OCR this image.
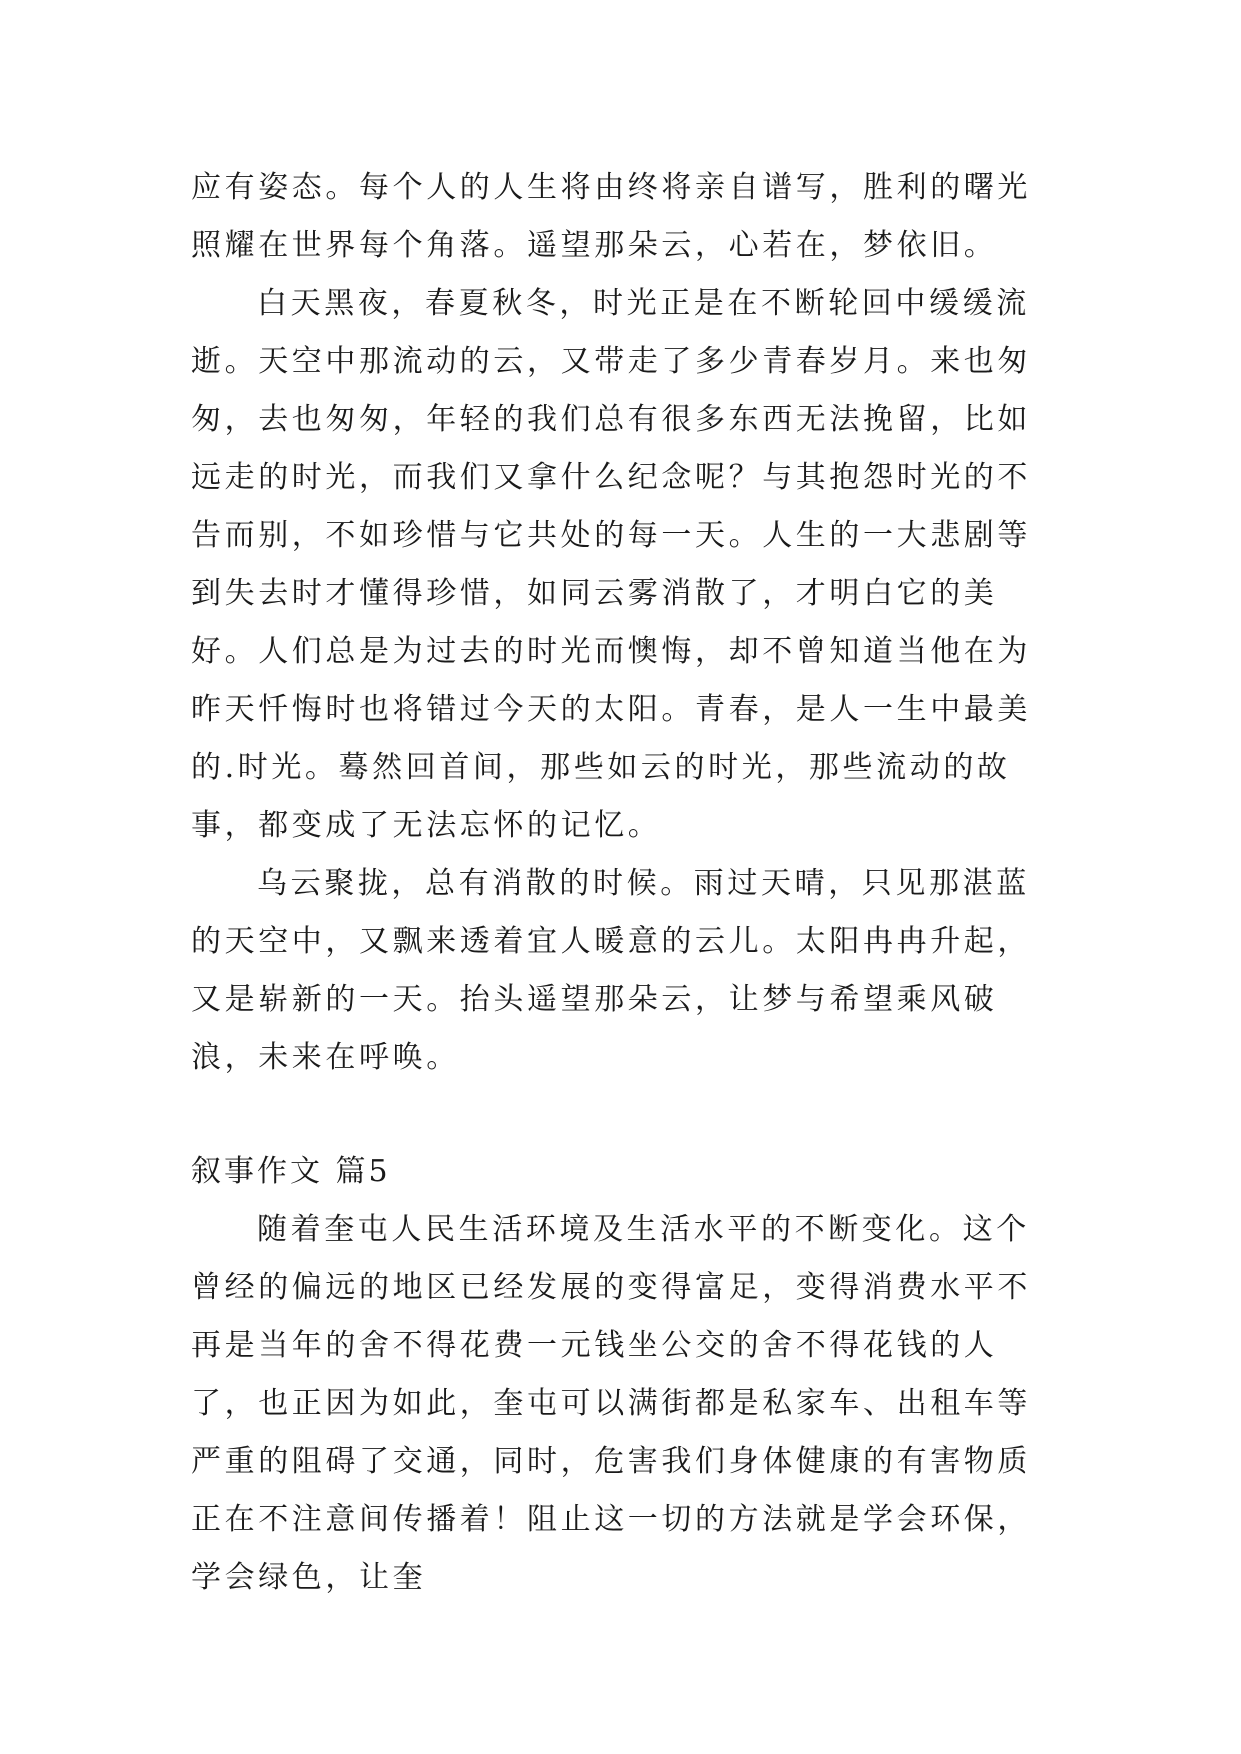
应有姿态。每个人的人生将由终将亲自谱写，胜利的曙光照耀在世界每个角落。遥望那朵云，心若在，梦依旧。

白天黑夜，春夏秋冬，时光正是在不断轮回中缓缓流逝。天空中那流动的云，又带走了多少青春岁月。来也匆匆，去也匆匆，年轻的我们总有很多东西无法挽留，比如远走的时光，而我们又拿什么纪念呢？与其抱怨时光的不告而别，不如珍惜与它共处的每一天。人生的一大悲剧等到失去时才懂得珍惜，如同云雾消散了，才明白它的美好。人们总是为过去的时光而懊悔，却不曾知道当他在为昨天忏悔时也将错过今天的太阳。青春，是人一生中最美的.时光。蓦然回首间，那些如云的时光，那些流动的故事，都变成了无法忘怀的记忆。

乌云聚拢，总有消散的时候。雨过天晴，只见那湛蓝的天空中，又飘来透着宜人暖意的云儿。太阳冉冉升起，又是崭新的一天。抬头遥望那朵云，让梦与希望乘风破浪，未来在呼唤。

叙事作文 篇5

随着奎屯人民生活环境及生活水平的不断变化。这个曾经的偏远的地区已经发展的变得富足，变得消费水平不再是当年的舍不得花费一元钱坐公交的舍不得花钱的人了，也正因为如此，奎屯可以满街都是私家车、出租车等严重的阻碍了交通，同时，危害我们身体健康的有害物质正在不注意间传播着！阻止这一切的方法就是学会环保，学会绿色，让奎
